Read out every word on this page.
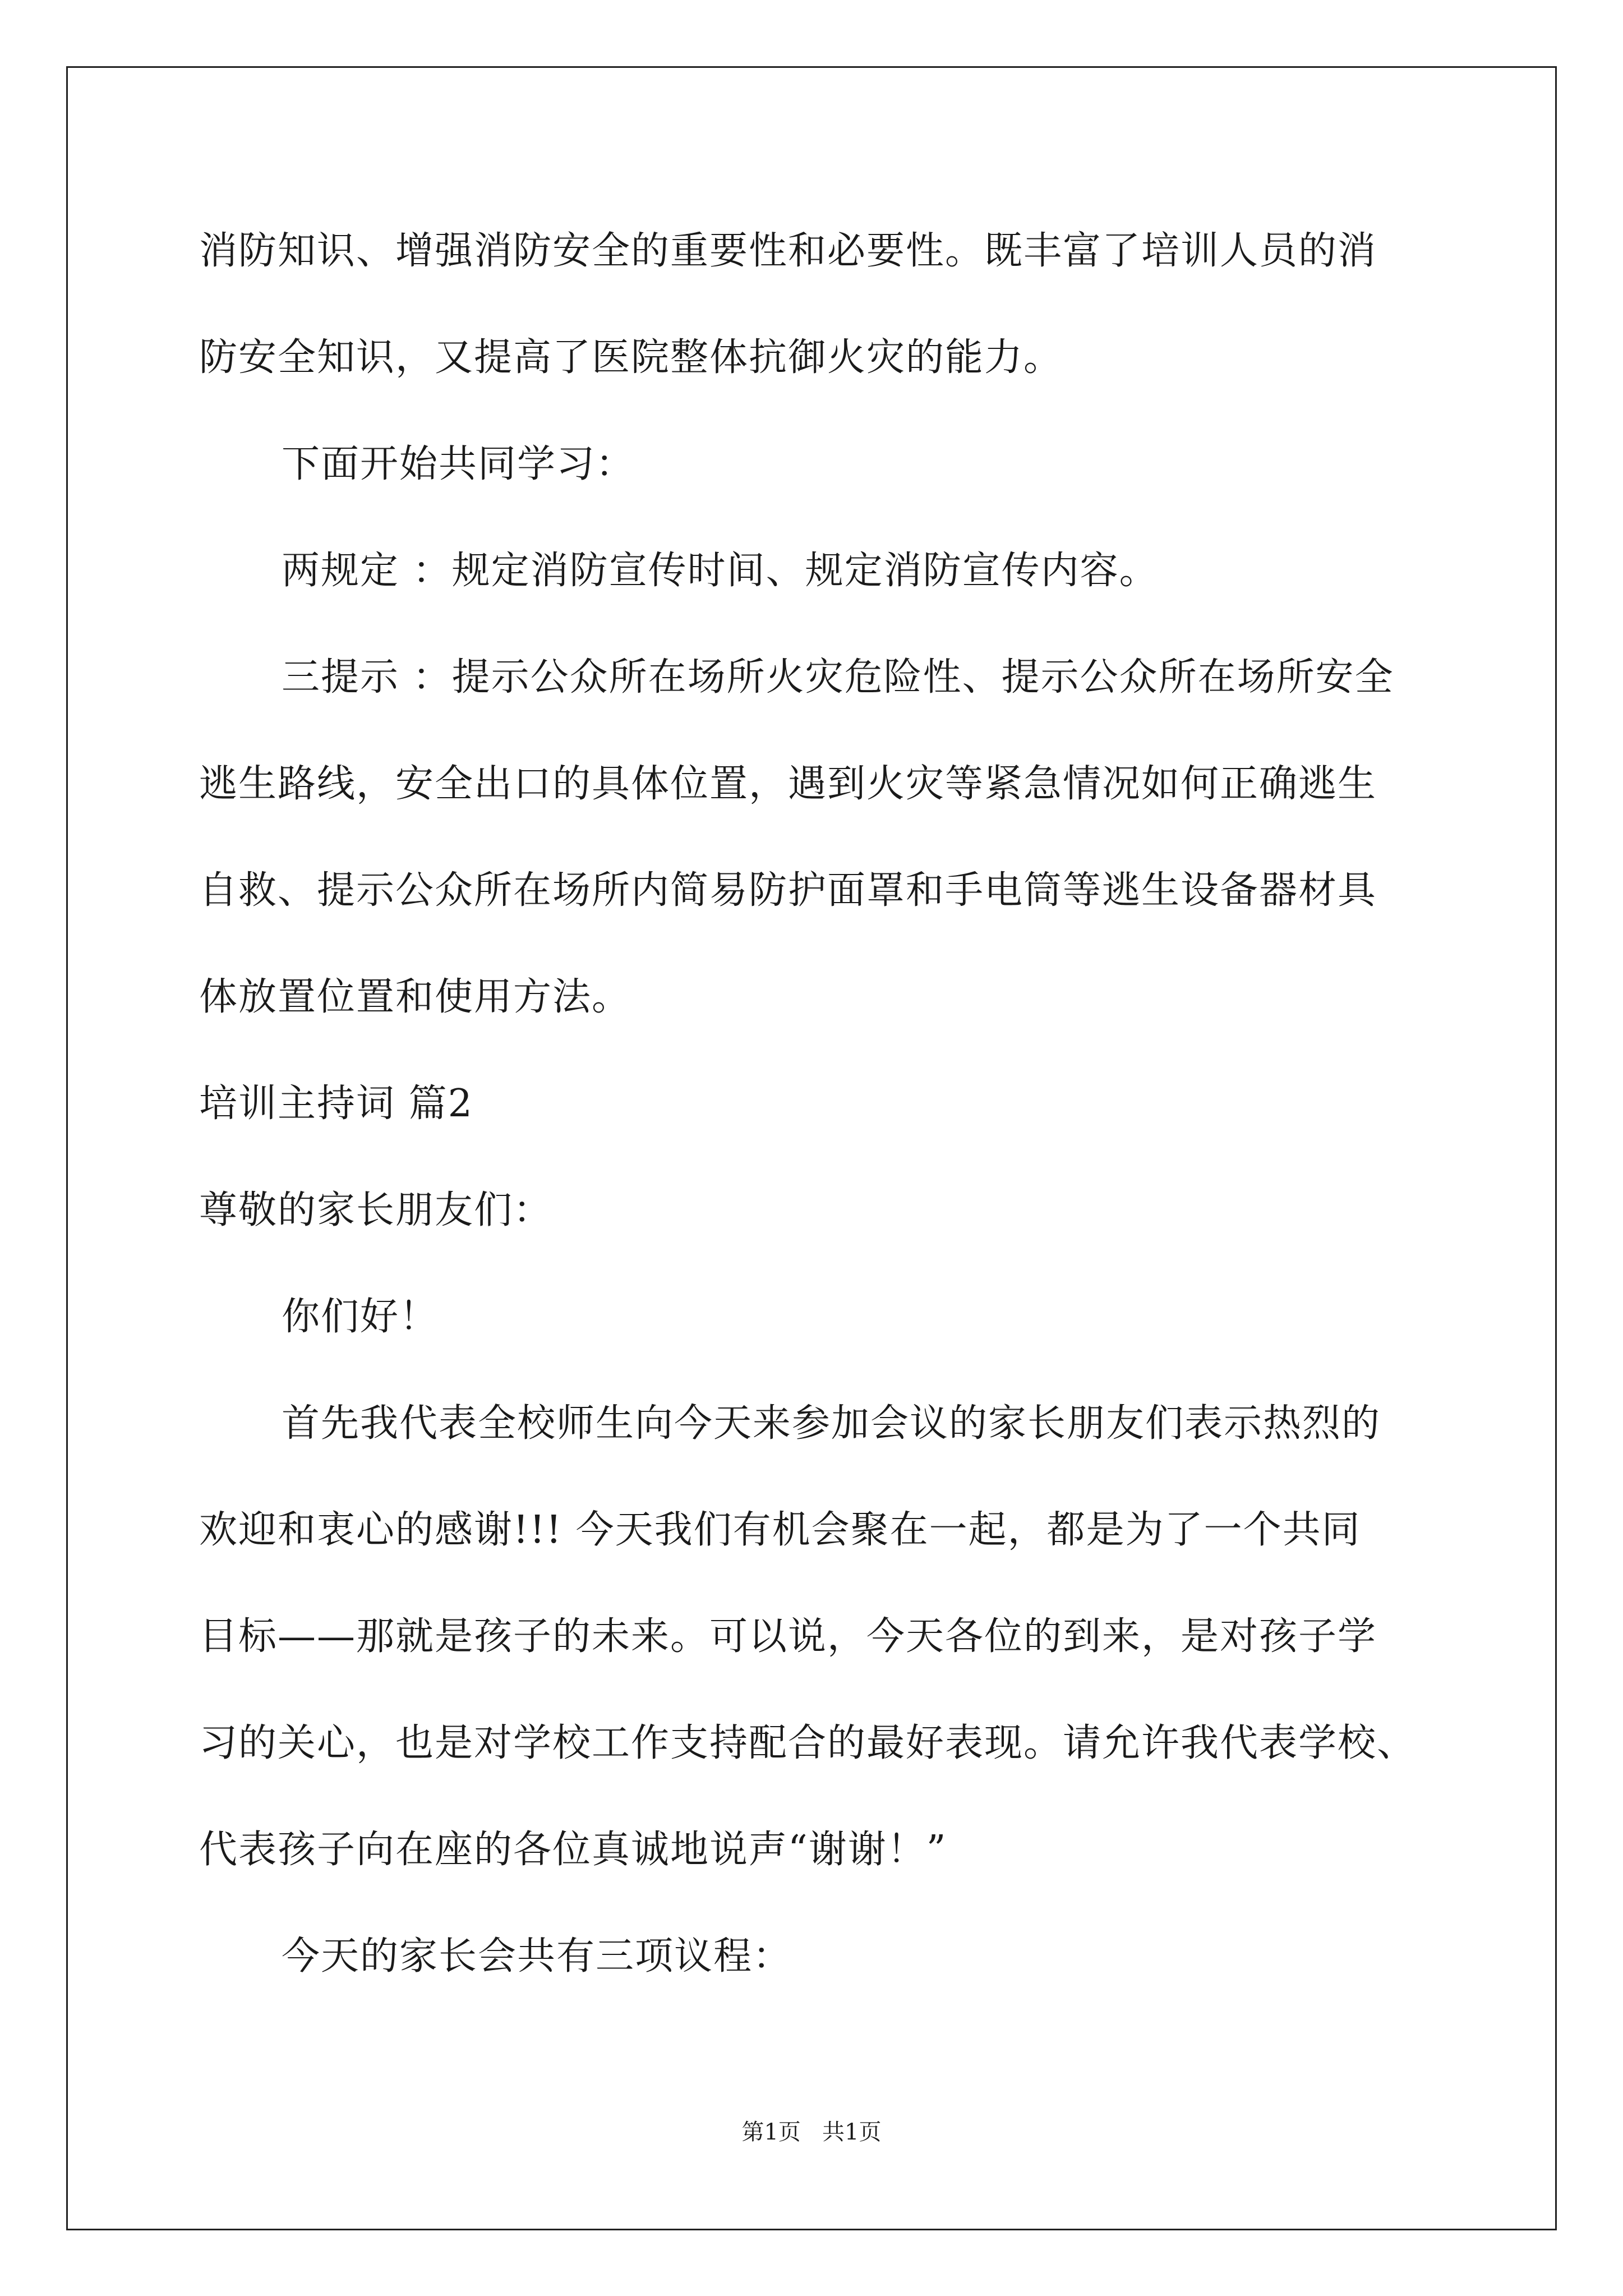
消防知识、增强消防安全的重要性和必要性。既丰富了培训人员的消
防安全知识，又提高了医院整体抗御火灾的能力。
下面开始共同学习：
两规定 ：规定消防宣传时间、规定消防宣传内容。
三提示 ：提示公众所在场所火灾危险性、提示公众所在场所安全
逃生路线，安全出口的具体位置，遇到火灾等紧急情况如何正确逃生
自救、提示公众所在场所内简易防护面罩和手电筒等逃生设备器材具
体放置位置和使用方法。
培训主持词 篇2
尊敬的家长朋友们：
你们好！
首先我代表全校师生向今天来参加会议的家长朋友们表示热烈的
欢迎和衷心的感谢!!! 今天我们有机会聚在一起，都是为了一个共同
目标——那就是孩子的未来。可以说，今天各位的到来，是对孩子学
习的关心，也是对学校工作支持配合的最好表现。请允许我代表学校、
代表孩子向在座的各位真诚地说声“谢谢！”
今天的家长会共有三项议程：
第1页   共1页
